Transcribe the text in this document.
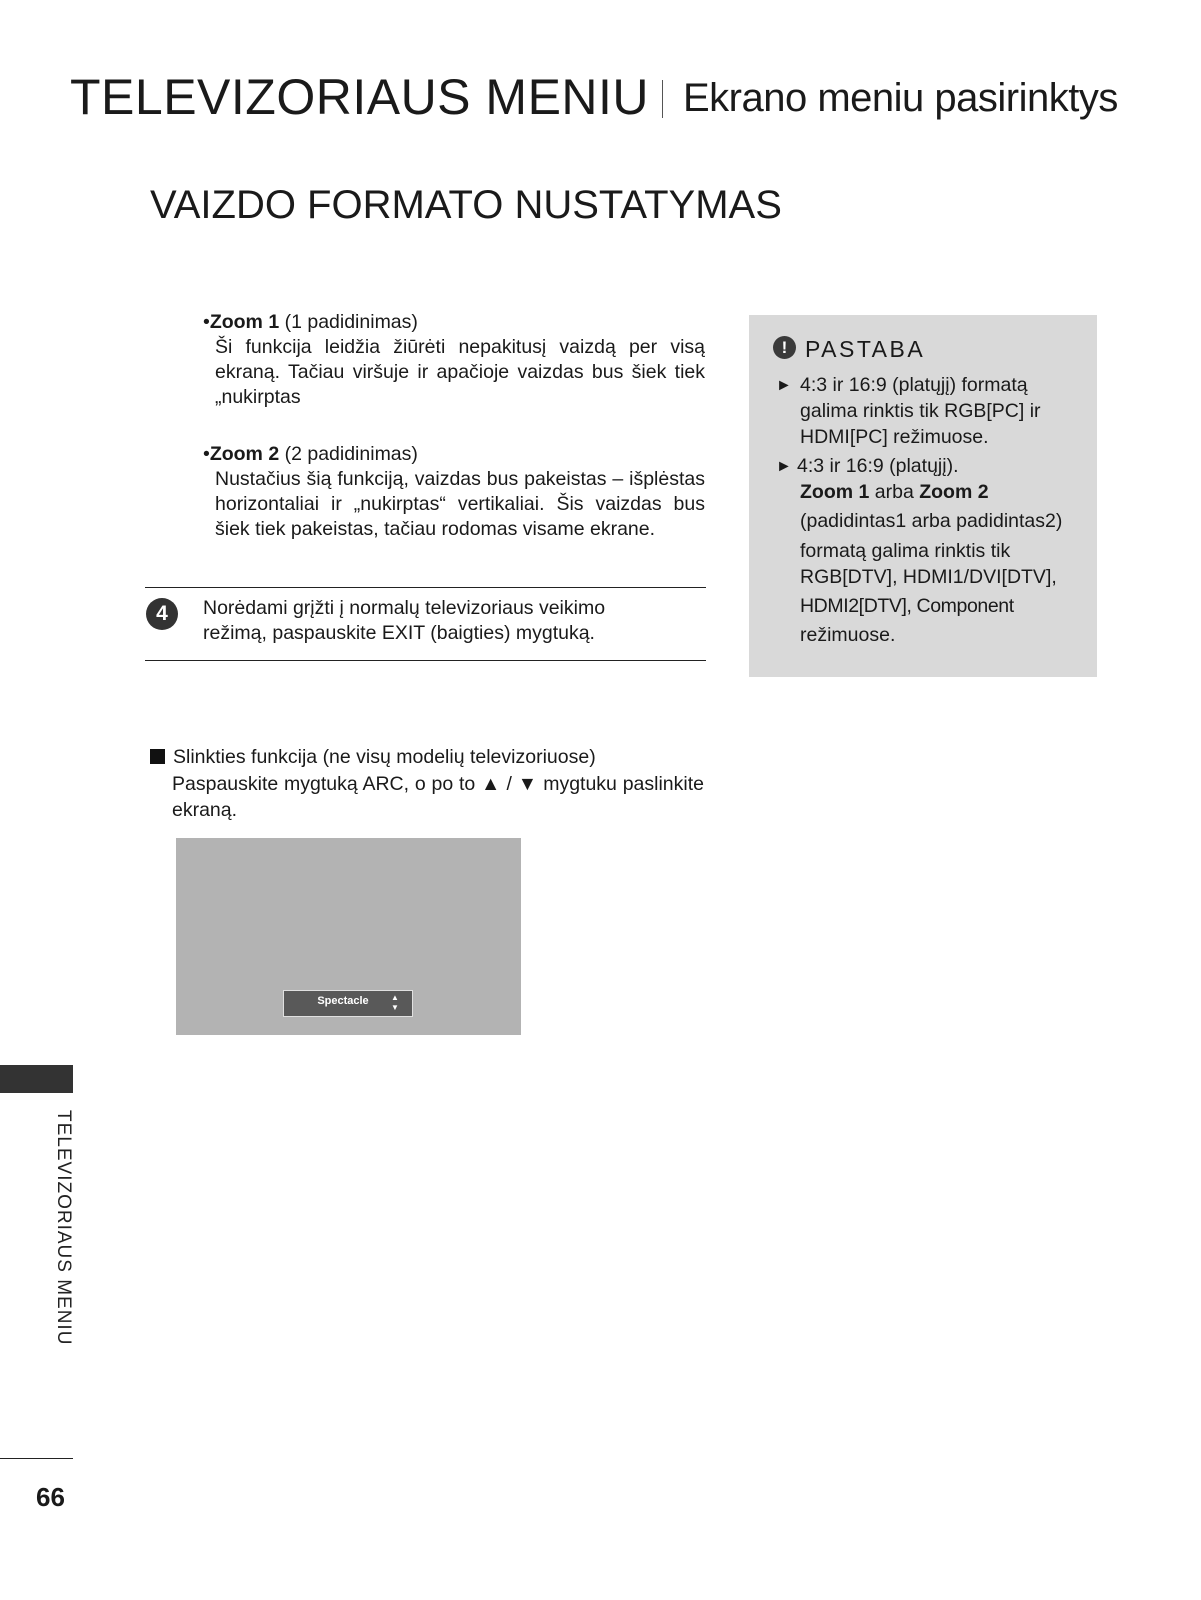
TELEVIZORIAUS MENIU Ekrano meniu pasirinktys
VAIZDO FORMATO NUSTATYMAS
•Zoom 1 (1 padidinimas)
Ši funkcija leidžia žiūrėti nepakitusį vaizdą per visą ekraną. Tačiau viršuje ir apačioje vaizdas bus šiek tiek „nukirptas
•Zoom 2 (2 padidinimas)
Nustačius šią funkciją, vaizdas bus pakeistas – išplėstas horizontaliai ir „nukirptas“ vertikaliai. Šis vaizdas bus šiek tiek pakeistas, tačiau rodomas visame ekrane.
4	Norėdami grįžti į normalų televizoriaus veikimo
režimą, paspauskite EXIT (baigties) mygtuką.
! PASTABA
► 4:3 ir 16:9 (platųjį) formatą
galima rinktis tik RGB[PC] ir
HDMI[PC] režimuose.
► 4:3 ir 16:9 (platųjį).
Zoom 1 arba Zoom 2
(padidintas1 arba padidintas2)
formatą galima rinktis tik
RGB[DTV], HDMI1/DVI[DTV],
HDMI2[DTV], Component
režimuose.
Slinkties funkcija (ne visų modelių televizoriuose)
Paspauskite mygtuką ARC, o po to ▲ / ▼ mygtuku paslinkite ekraną.
Spectacle	▲
▼
TELEVIZORIAUS MENIU
66
